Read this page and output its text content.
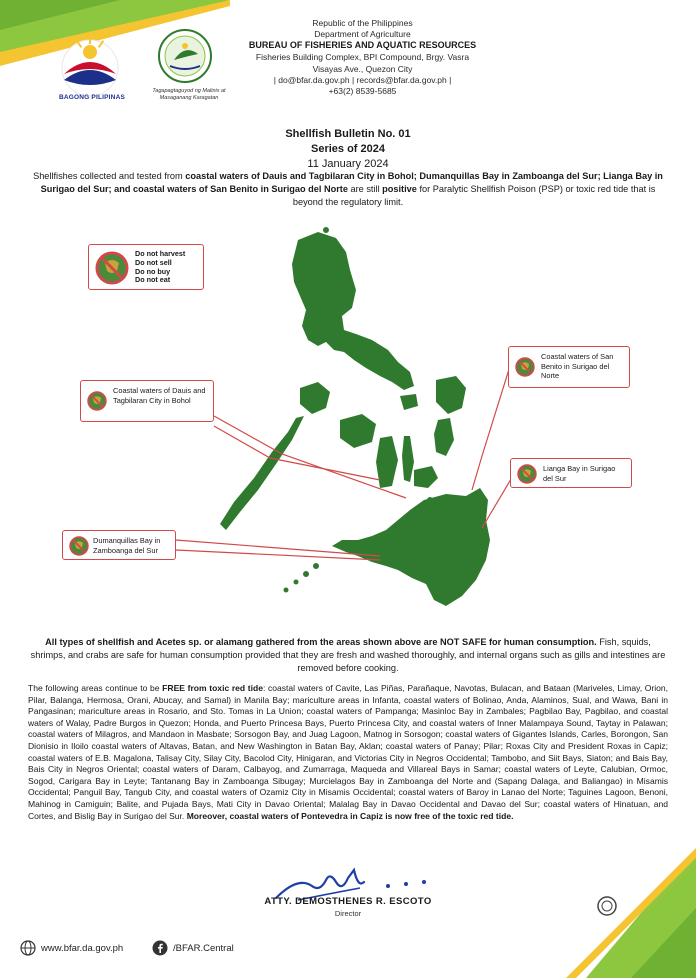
BAGONG PILIPINAS
Tagapagtaguyod ng Malinis at Masaganang Karagatan
Republic of the Philippines
Department of Agriculture
BUREAU OF FISHERIES AND AQUATIC RESOURCES
Fisheries Building Complex, BPI Compound, Brgy. Vasra
Visayas Ave., Quezon City
| do@bfar.da.gov.ph | records@bfar.da.gov.ph |
+63(2) 8539-5685
Shellfish Bulletin No. 01
Series of 2024
11 January 2024

Shellfishes collected and tested from coastal waters of Dauis and Tagbilaran City in Bohol; Dumanquillas Bay in Zamboanga del Sur; Lianga Bay in Surigao del Sur; and coastal waters of San Benito in Surigao del Norte are still positive for Paralytic Shellfish Poison (PSP) or toxic red tide that is beyond the regulatory limit.

Do not harvest
Do not sell
Do no buy
Do not eat
Coastal waters of Dauis and Tagbilaran City in Bohol
Coastal waters of San Benito in Surigao del Norte
Lianga Bay in Surigao del Sur
Dumanquillas Bay in Zamboanga del Sur

All types of shellfish and Acetes sp. or alamang gathered from the areas shown above are NOT SAFE for human consumption. Fish, squids, shrimps, and crabs are safe for human consumption provided that they are fresh and washed thoroughly, and internal organs such as gills and intestines are removed before cooking.

The following areas continue to be FREE from toxic red tide: coastal waters of Cavite, Las Piñas, Parañaque, Navotas, Bulacan, and Bataan (Mariveles, Limay, Orion, Pilar, Balanga, Hermosa, Orani, Abucay, and Samal) in Manila Bay; mariculture areas in Infanta, coastal waters of Bolinao, Anda, Alaminos, Sual, and Wawa, Bani in Pangasinan; mariculture areas in Rosario, and Sto. Tomas in La Union; coastal waters of Pampanga; Masinloc Bay in Zambales; Pagbilao Bay, Pagbilao, and coastal waters of Walay, Padre Burgos in Quezon; Honda, and Puerto Princesa Bays, Puerto Princesa City, and coastal waters of Inner Malampaya Sound, Taytay in Palawan; coastal waters of Milagros, and Mandaon in Masbate; Sorsogon Bay, and Juag Lagoon, Matnog in Sorsogon; coastal waters of Gigantes Islands, Carles, Borongon, San Dionisio in Iloilo coastal waters of Altavas, Batan, and New Washington in Batan Bay, Aklan; coastal waters of Panay; Pilar; Roxas City and President Roxas in Capiz; coastal waters of E.B. Magalona, Talisay City, Silay City, Bacolod City, Hinigaran, and Victorias City in Negros Occidental; Tambobo, and Siit Bays, Siaton; and Bais Bay, Bais City in Negros Oriental; coastal waters of Daram, Calbayog, and Zumarraga, Maqueda and Villareal Bays in Samar; coastal waters of Leyte, Calubian, Ormoc, Sogod, Carigara Bay in Leyte; Tantanang Bay in Zamboanga Sibugay; Murcielagos Bay in Zamboanga del Norte and (Sapang Dalaga, and Baliangao) in Misamis Occidental; Panguil Bay, Tangub City, and coastal waters of Ozamiz City in Misamis Occidental; coastal waters of Baroy in Lanao del Norte; Taguines Lagoon, Benoni, Mahinog in Camiguin; Balite, and Pujada Bays, Mati City in Davao Oriental; Malalag Bay in Davao Occidental and Davao del Sur; coastal waters of Hinatuan, and Cortes, and Bislig Bay in Surigao del Sur. Moreover, coastal waters of Pontevedra in Capiz is now free of the toxic red tide.

ATTY. DEMOSTHENES R. ESCOTO
Director
www.bfar.da.gov.ph	/BFAR.Central
